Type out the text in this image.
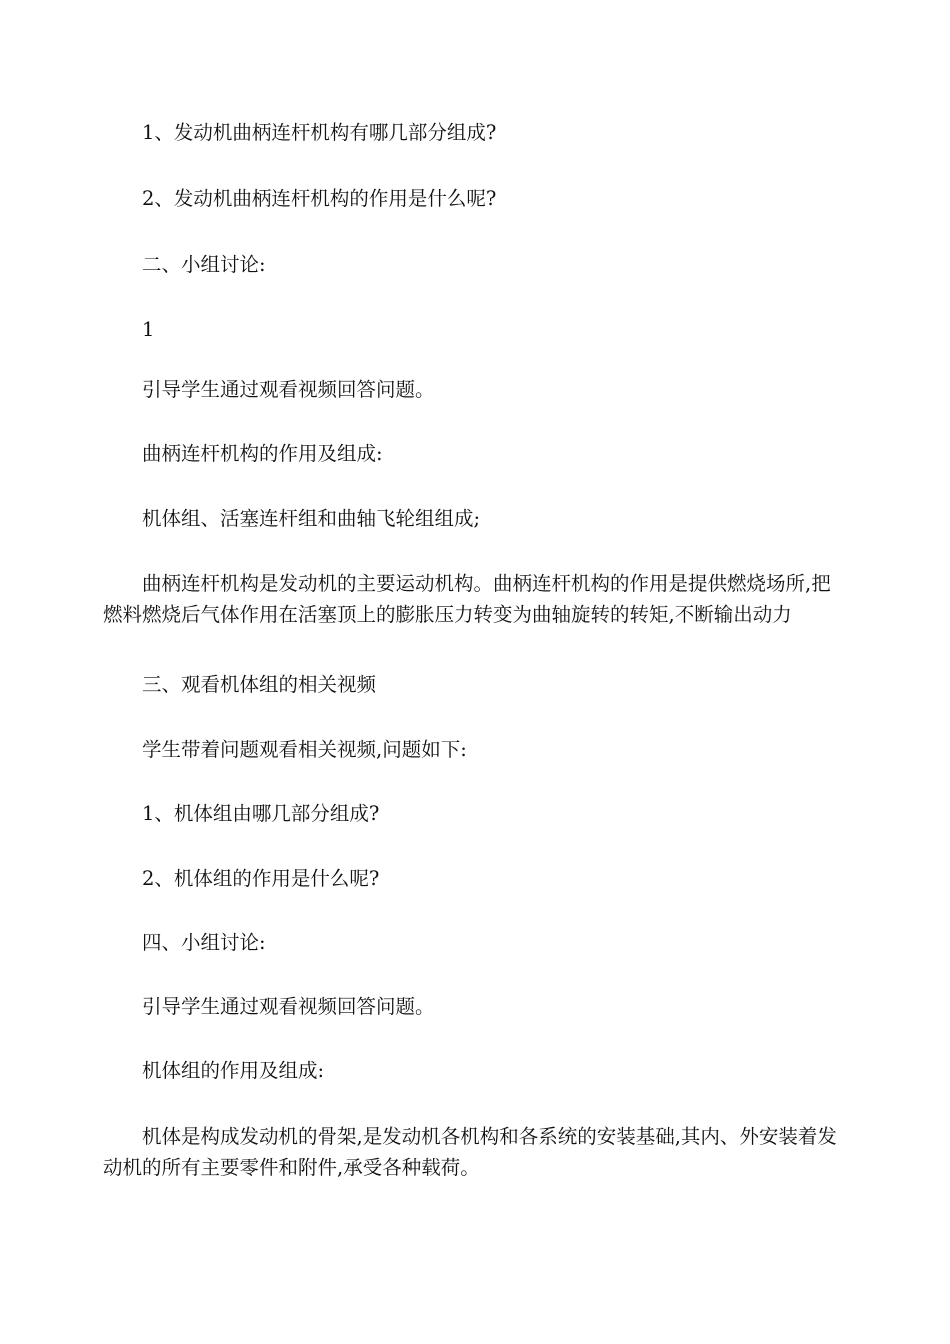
1、发动机曲柄连杆机构有哪几部分组成?

2、发动机曲柄连杆机构的作用是什么呢?

二、小组讨论:

1

引导学生通过观看视频回答问题。

曲柄连杆机构的作用及组成:

机体组、活塞连杆组和曲轴飞轮组组成;

曲柄连杆机构是发动机的主要运动机构。曲柄连杆机构的作用是提供燃烧场所,把燃料燃烧后气体作用在活塞顶上的膨胀压力转变为曲轴旋转的转矩,不断输出动力

三、观看机体组的相关视频

学生带着问题观看相关视频,问题如下:

1、机体组由哪几部分组成?

2、机体组的作用是什么呢?

四、小组讨论:

引导学生通过观看视频回答问题。

机体组的作用及组成:

机体是构成发动机的骨架,是发动机各机构和各系统的安装基础,其内、外安装着发动机的所有主要零件和附件,承受各种载荷。
